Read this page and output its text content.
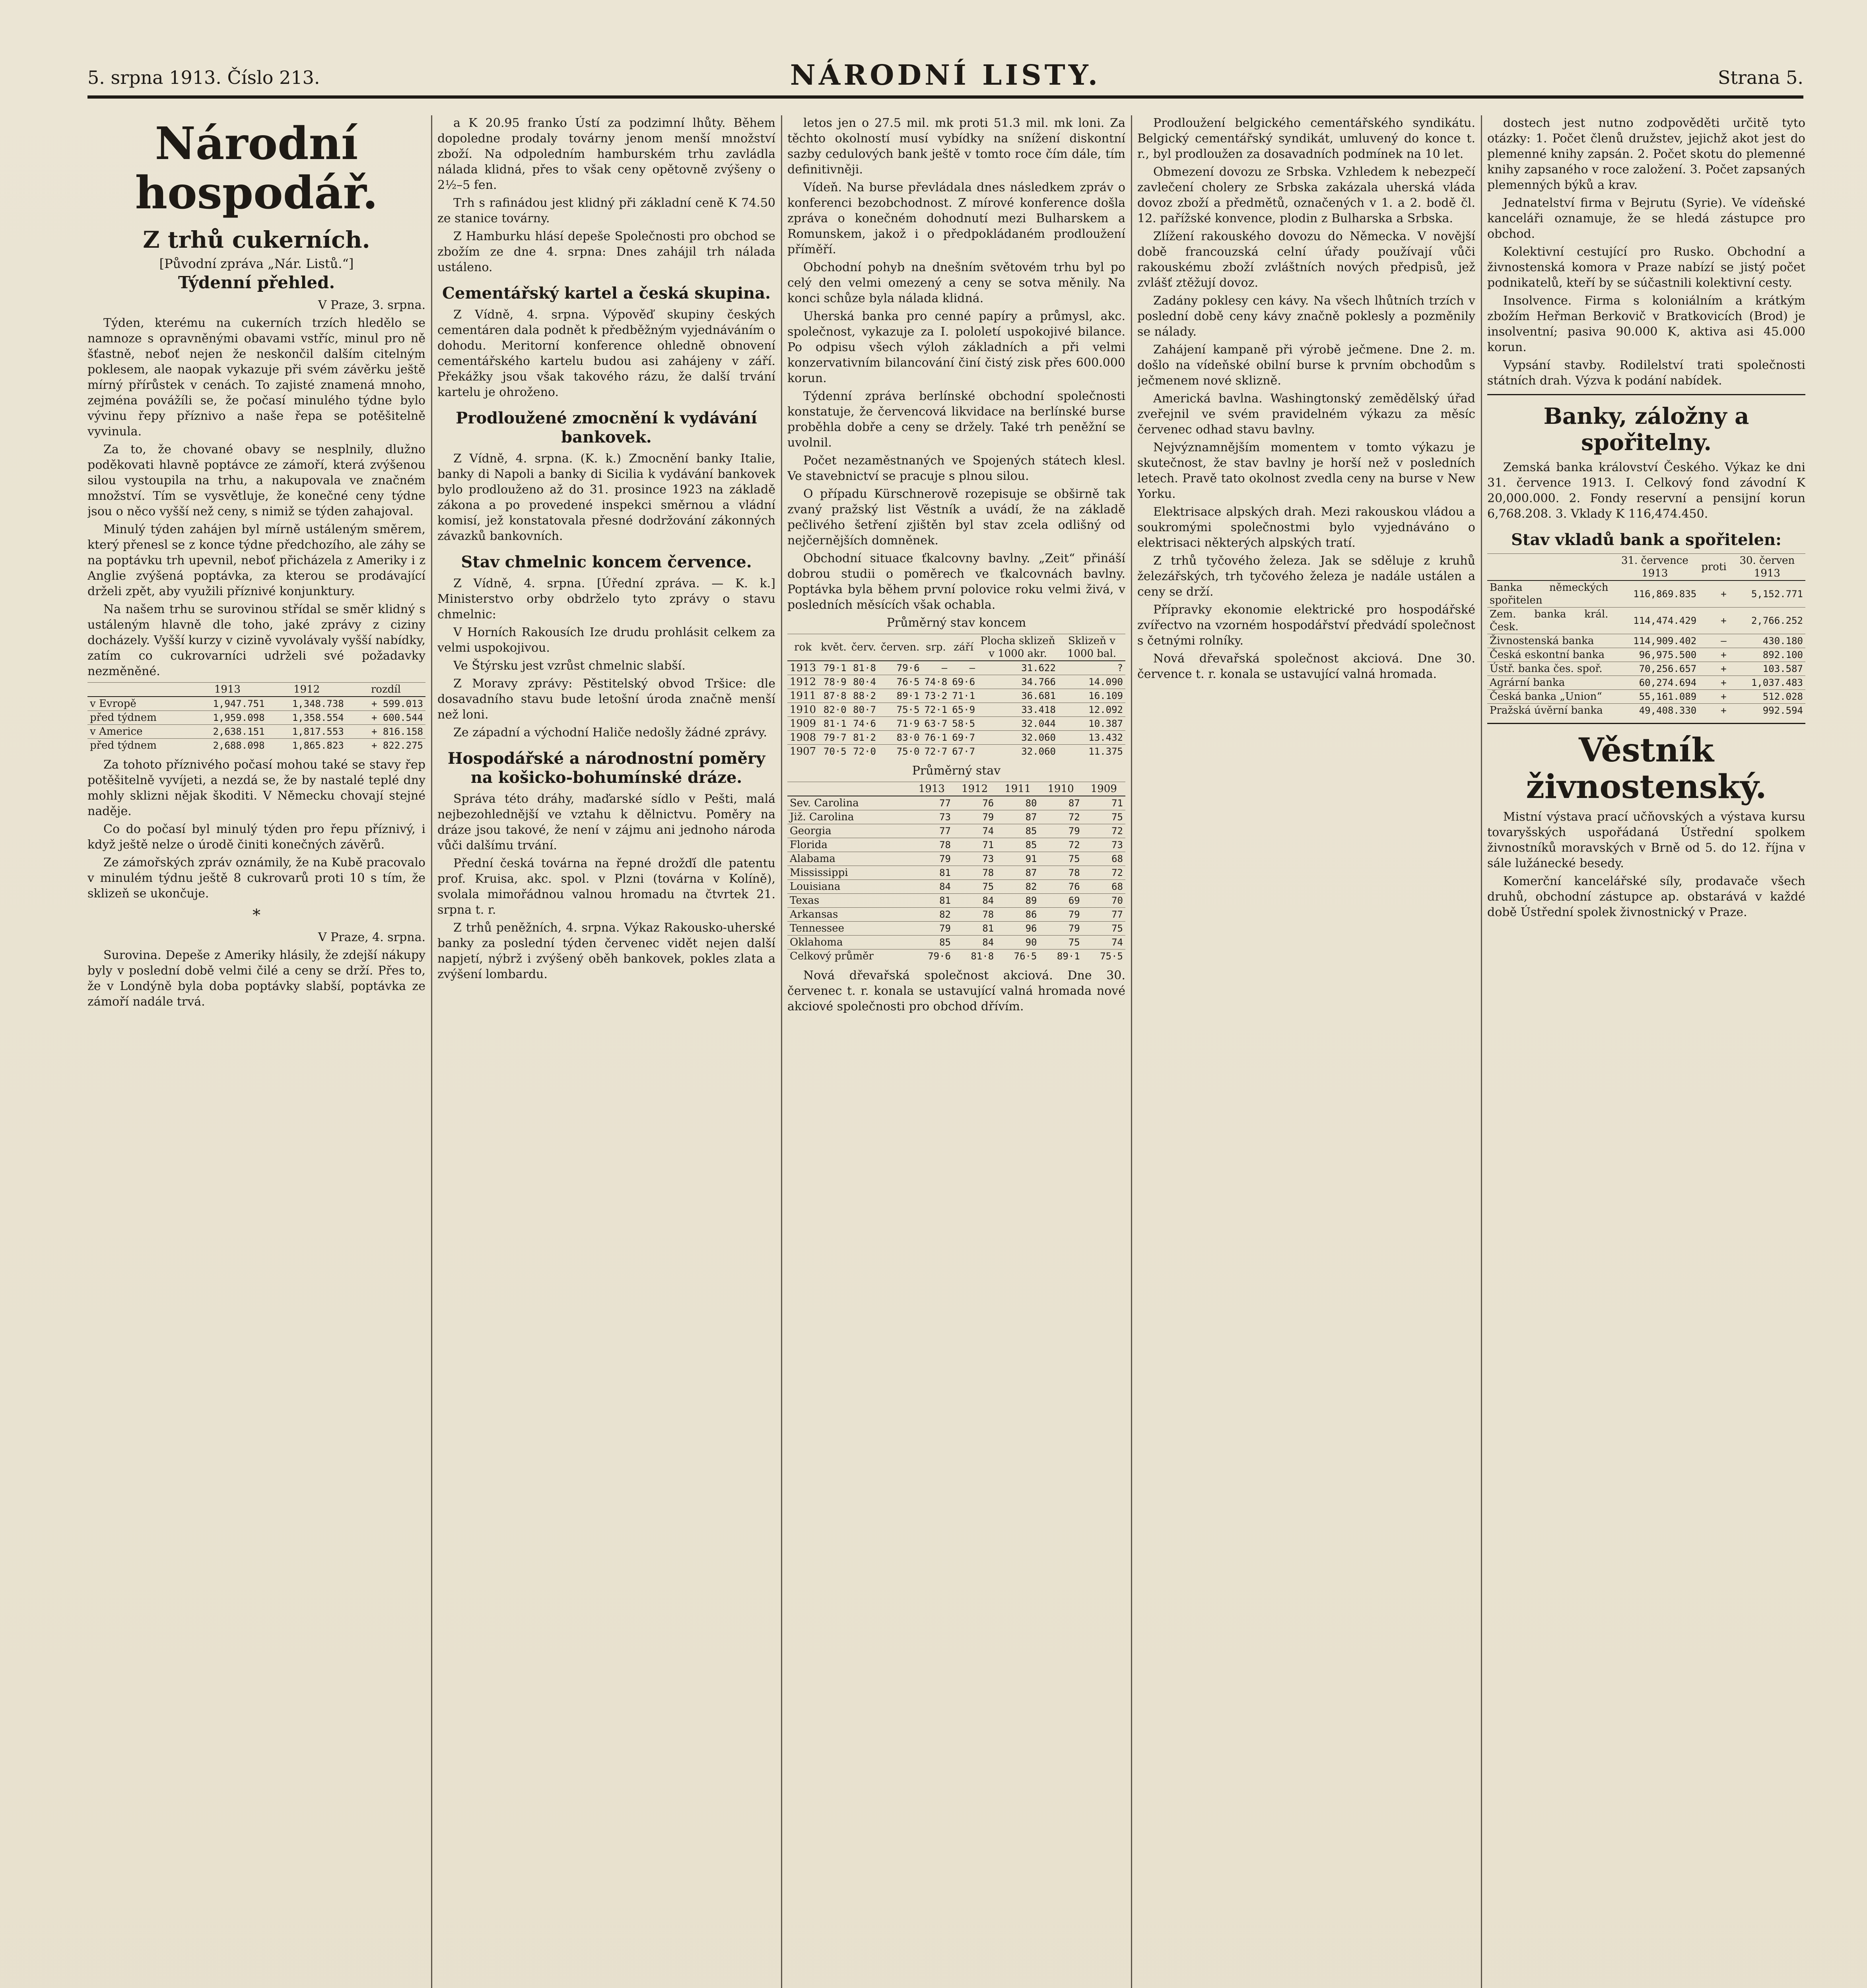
5. srpna 1913. Číslo 213.	NÁRODNÍ LISTY.	Strana 5.
Národní hospodář.
Z trhů cukerních.
[Původní zpráva „Nár. Listů.“]
Týdenní přehled.

V Praze, 3. srpna.

Týden, kterému na cukerních trzích hledělo se namnoze s opravněnými obavami vstříc, minul pro ně šťastně, neboť nejen že neskončil dalším citelným poklesem, ale naopak vykazuje při svém závěrku ještě mírný přírůstek v cenách. To zajisté znamená mnoho, zejména povážíli se, že počasí minulého týdne bylo vývinu řepy příznivo a naše řepa se potěšitelně vyvinula.

Za to, že chované obavy se nesplnily, dlužno poděkovati hlavně poptávce ze zámoří, která zvýšenou silou vystoupila na trhu, a nakupovala ve značném množství. Tím se vysvětluje, že konečné ceny týdne jsou o něco vyšší než ceny, s nimiž se týden zahajoval.

Minulý týden zahájen byl mírně ustáleným směrem, který přenesl se z konce týdne předchozího, ale záhy se na poptávku trh upevnil, neboť přicházela z Ameriky i z Anglie zvýšená poptávka, za kterou se prodávající drželi zpět, aby využili příznivé konjunktury.

Na našem trhu se surovinou střídal se směr klidný s ustáleným hlavně dle toho, jaké zprávy z ciziny docházely. Vyšší kurzy v cizině vyvolávaly vyšší nabídky, zatím co cukrovarníci udrželi své požadavky nezměněné.

	1913	1912	rozdíl
v Evropě	1,947.751	1,348.738	+ 599.013
před týdnem	1,959.098	1,358.554	+ 600.544
v Americe	2,638.151	1,817.553	+ 816.158
před týdnem	2,688.098	1,865.823	+ 822.275

Za tohoto příznivého počasí mohou také se stavy řep potěšitelně vyvíjeti, a nezdá se, že by nastalé teplé dny mohly sklizni nějak škoditi. V Německu chovají stejné naděje.

Co do počasí byl minulý týden pro řepu příznivý, i když ještě nelze o úrodě činiti konečných závěrů.

Ze zámořských zpráv oznámily, že na Kubě pracovalo v minulém týdnu ještě 8 cukrovarů proti 10 s tím, že sklizeň se ukončuje.

*

V Praze, 4. srpna.

Surovina. Depeše z Ameriky hlásily, že zdejší nákupy byly v poslední době velmi čilé a ceny se drží. Přes to, že v Londýně byla doba poptávky slabší, poptávka ze zámoří nadále trvá.

a K 20.95 franko Ústí za podzimní lhůty. Během dopoledne prodaly továrny jenom menší množství zboží. Na odpoledním hamburském trhu zavládla nálada klidná, přes to však ceny opětovně zvýšeny o 2½–5 fen.

Trh s rafinádou jest klidný při základní ceně K 74.50 ze stanice továrny.

Z Hamburku hlásí depeše Společnosti pro obchod se zbožím ze dne 4. srpna: Dnes zahájil trh nálada ustáleno.

Cementářský kartel a česká skupina.

Z Vídně, 4. srpna. Výpověď skupiny českých cementáren dala podnět k předběžným vyjednáváním o dohodu. Meritorní konference ohledně obnovení cementářského kartelu budou asi zahájeny v září. Překážky jsou však takového rázu, že další trvání kartelu je ohroženo.

Prodloužené zmocnění k vydávání bankovek.

Z Vídně, 4. srpna. (K. k.) Zmocnění banky Italie, banky di Napoli a banky di Sicilia k vydávání bankovek bylo prodlouženo až do 31. prosince 1923 na základě zákona a po provedené inspekci směrnou a vládní komisí, jež konstatovala přesné dodržování zákonných závazků bankovních.

Stav chmelnic koncem července.

Z Vídně, 4. srpna. [Úřední zpráva. — K. k.] Ministerstvo orby obdrželo tyto zprávy o stavu chmelnic:

V Horních Rakousích Ize drudu prohlásit celkem za velmi uspokojivou.

Ve Štýrsku jest vzrůst chmelnic slabší.

Z Moravy zprávy: Pěstitelský obvod Tršice: dle dosavadního stavu bude letošní úroda značně menší než loni.

Ze západní a východní Haliče nedošly žádné zprávy.

Hospodářské a národnostní poměry na košicko-bohumínské dráze.

Správa této dráhy, maďarské sídlo v Pešti, malá nejbezohlednější ve vztahu k dělnictvu. Poměry na dráze jsou takové, že není v zájmu ani jednoho národa vůči dalšímu trvání.

Přední česká továrna na řepné drožďí dle patentu prof. Kruisa, akc. spol. v Plzni (továrna v Kolíně), svolala mimořádnou valnou hromadu na čtvrtek 21. srpna t. r.

Z trhů peněžních, 4. srpna. Výkaz Rakousko-uherské banky za poslední týden červenec vidět nejen další napjetí, nýbrž i zvýšený oběh bankovek, pokles zlata a zvýšení lombardu.

letos jen o 27.5 mil. mk proti 51.3 mil. mk loni. Za těchto okolností musí vybídky na snížení diskontní sazby cedulových bank ještě v tomto roce čím dále, tím definitivněji.

Vídeň. Na burse převládala dnes následkem zpráv o konferenci bezobchodnost. Z mírové konference došla zpráva o konečném dohodnutí mezi Bulharskem a Romunskem, jakož i o předpokládaném prodloužení příměří.

Obchodní pohyb na dnešním světovém trhu byl po celý den velmi omezený a ceny se sotva měnily. Na konci schůze byla nálada klidná.

Uherská banka pro cenné papíry a průmysl, akc. společnost, vykazuje za I. pololetí uspokojivé bilance. Po odpisu všech výloh základních a při velmi konzervativním bilancování činí čistý zisk přes 600.000 korun.

Týdenní zpráva berlínské obchodní společnosti konstatuje, že červencová likvidace na berlínské burse proběhla dobře a ceny se držely. Také trh peněžní se uvolnil.

Počet nezaměstnaných ve Spojených státech klesl. Ve stavebnictví se pracuje s plnou silou.

O případu Kürschnerově rozepisuje se obširně tak zvaný pražský list Věstník a uvádí, že na základě pečlivého šetření zjištěn byl stav zcela odlišný od nejčernějších domněnek.

Obchodní situace ťkalcovny bavlny. „Zeit“ přináší dobrou studii o poměrech ve ťkalcovnách bavlny. Poptávka byla během první polovice roku velmi živá, v posledních měsících však ochabla.

Průměrný stav koncem

rok	květ.	červ.	červen.	srp.	září	Plocha sklizeň v 1000 akr.	Sklizeň v 1000 bal.
1913	79·1	81·8	79·6	—	—	31.622	?
1912	78·9	80·4	76·5	74·8	69·6	34.766	14.090
1911	87·8	88·2	89·1	73·2	71·1	36.681	16.109
1910	82·0	80·7	75·5	72·1	65·9	33.418	12.092
1909	81·1	74·6	71·9	63·7	58·5	32.044	10.387
1908	79·7	81·2	83·0	76·1	69·7	32.060	13.432
1907	70·5	72·0	75·0	72·7	67·7	32.060	11.375

Průměrný stav

	1913	1912	1911	1910	1909
Sev. Carolina	77	76	80	87	71
Již. Carolina	73	79	87	72	75
Georgia	77	74	85	79	72
Florida	78	71	85	72	73
Alabama	79	73	91	75	68
Mississippi	81	78	87	78	72
Louisiana	84	75	82	76	68
Texas	81	84	89	69	70
Arkansas	82	78	86	79	77
Tennessee	79	81	96	79	75
Oklahoma	85	84	90	75	74
Celkový průměr	79·6	81·8	76·5	89·1	75·5

Nová dřevařská společnost akciová. Dne 30. červenec t. r. konala se ustavující valná hromada nové akciové společnosti pro obchod dřívím.

Prodloužení belgického cementářského syndikátu. Belgický cementářský syndikát, umluvený do konce t. r., byl prodloužen za dosavadních podmínek na 10 let.

Obmezení dovozu ze Srbska. Vzhledem k nebezpečí zavlečení cholery ze Srbska zakázala uherská vláda dovoz zboží a předmětů, označených v 1. a 2. bodě čl. 12. pařížské konvence, plodin z Bulharska a Srbska.

Zlížení rakouského dovozu do Německa. V novější době francouzská celní úřady používají vůči rakouskému zboží zvláštních nových předpisů, jež zvlášť ztěžují dovoz.

Zadány poklesy cen kávy. Na všech lhůtních trzích v poslední době ceny kávy značně poklesly a pozměnily se nálady.

Zahájení kampaně při výrobě ječmene. Dne 2. m. došlo na vídeňské obilní burse k prvním obchodům s ječmenem nové sklizně.

Americká bavlna. Washingtonský zemědělský úřad zveřejnil ve svém pravidelném výkazu za měsíc červenec odhad stavu bavlny.

Nejvýznamnějším momentem v tomto výkazu je skutečnost, že stav bavlny je horší než v posledních letech. Pravě tato okolnost zvedla ceny na burse v New Yorku.

Elektrisace alpských drah. Mezi rakouskou vládou a soukromými společnostmi bylo vyjednáváno o elektrisaci některých alpských tratí.

Z trhů tyčového železa. Jak se sděluje z kruhů železářských, trh tyčového železa je nadále ustálen a ceny se drží.

Přípravky ekonomie elektrické pro hospodářské zvířectvo na vzorném hospodářství předvádí společnost s četnými rolníky.

Nová dřevařská společnost akciová. Dne 30. července t. r. konala se ustavující valná hromada.

dostech jest nutno zodpověděti určitě tyto otázky: 1. Počet členů družstev, jejichž akot jest do plemenné knihy zapsán. 2. Počet skotu do plemenné knihy zapsaného v roce založení. 3. Počet zapsaných plemenných býků a krav.

Jednatelství firma v Bejrutu (Syrie). Ve vídeňské kanceláři oznamuje, že se hledá zástupce pro obchod.

Kolektivní cestující pro Rusko. Obchodní a živnostenská komora v Praze nabízí se jistý počet podnikatelů, kteří by se súčastnili kolektivní cesty.

Insolvence. Firma s koloniálním a krátkým zbožím Heřman Berkovič v Bratkovicích (Brod) je insolventní; pasiva 90.000 K, aktiva asi 45.000 korun.

Vypsání stavby. Rodilelství trati společnosti státních drah. Výzva k podání nabídek.

Banky, záložny a spořitelny.

Zemská banka království Českého. Výkaz ke dni 31. července 1913. I. Celkový fond závodní K 20,000.000. 2. Fondy reservní a pensijní korun 6,768.208. 3. Vklady K 116,474.450.

Stav vkladů bank a spořitelen:
	31. července 1913	proti	30. červen 1913
Banka německých spořitelen	116,869.835	+	5,152.771
Zem. banka král. Česk.	114,474.429	+	2,766.252
Živnostenská banka	114,909.402	—	430.180
Česká eskontní banka	96,975.500	+	892.100
Ústř. banka čes. spoř.	70,256.657	+	103.587
Agrární banka	60,274.694	+	1,037.483
Česká banka „Union“	55,161.089	+	512.028
Pražská úvěrní banka	49,408.330	+	992.594
Věstník živnostenský.

Mistní výstava prací učňovských a výstava kursu tovaryšských uspořádaná Ústřední spolkem živnostníků moravských v Brně od 5. do 12. října v sále lužánecké besedy.

Komerční kancelářské síly, prodavače všech druhů, obchodní zástupce ap. obstarává v každé době Ústřední spolek živnostnický v Praze.
